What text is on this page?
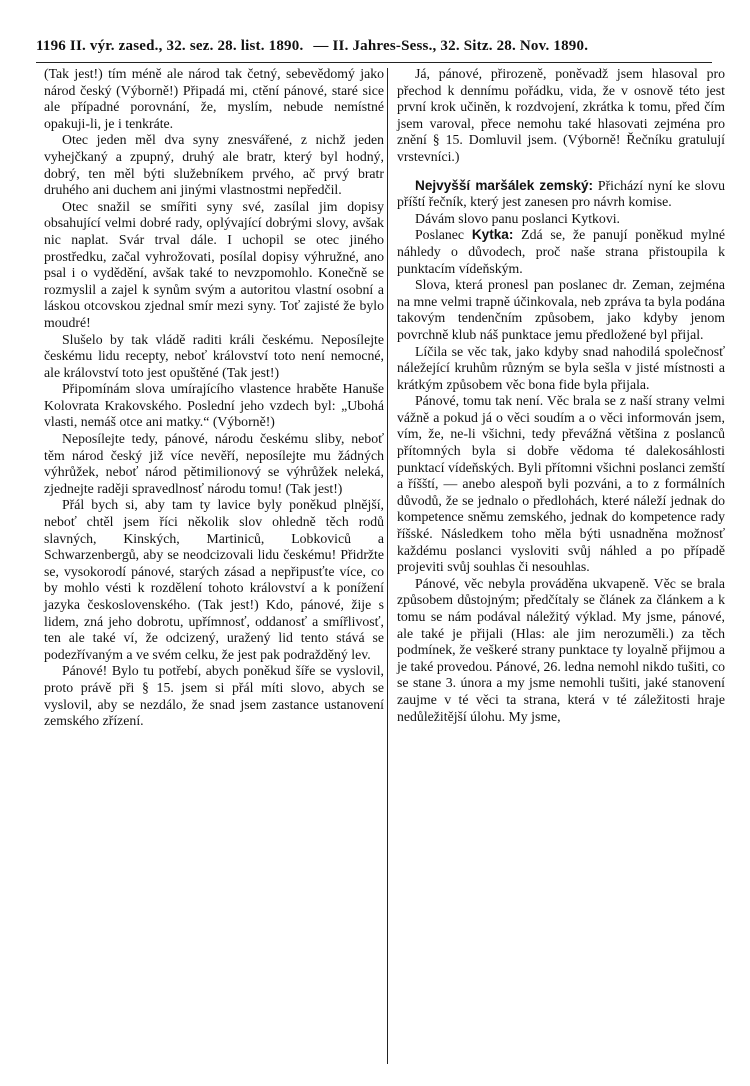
1196 II. výr. zased., 32. sez. 28. list. 1890. — II. Jahres-Sess., 32. Sitz. 28. Nov. 1890.

(Tak jest!) tím méně ale národ tak četný, sebevědomý jako národ český (Výborně!) Připadá mi, ctění pánové, staré sice ale případné porovnání, že, myslím, nebude nemístné opakuji-li, je i tenkráte.

Otec jeden měl dva syny znesvářené, z nichž jeden vyhejčkaný a zpupný, druhý ale bratr, který byl hodný, dobrý, ten měl býti služebníkem prvého, ač prvý bratr druhého ani duchem ani jinými vlastnostmi nepředčil.

Otec snažil se smířiti syny své, zasílal jim dopisy obsahující velmi dobré rady, oplývající dobrými slovy, avšak nic naplat. Svár trval dále. I uchopil se otec jiného prostředku, začal vyhrožovati, posílal dopisy výhružné, ano psal i o vydědění, avšak také to nevzpomohlo. Konečně se rozmyslil a zajel k synům svým a autoritou vlastní osobní a láskou otcovskou zjednal smír mezi syny. Toť zajisté že bylo moudré!

Slušelo by tak vládě raditi králi českému. Neposílejte českému lidu recepty, neboť království toto není nemocné, ale království toto jest opuštěné (Tak jest!)

Připomínám slova umírajícího vlastence hraběte Hanuše Kolovrata Krakovského. Poslední jeho vzdech byl: „Ubohá vlasti, nemáš otce ani matky.“ (Výborně!)

Neposílejte tedy, pánové, národu českému sliby, neboť těm národ český již více nevěří, neposílejte mu žádných výhrůžek, neboť národ pětimilionový se výhrůžek neleká, zjednejte raději spravedlnosť národu tomu! (Tak jest!)

Přál bych si, aby tam ty lavice byly poněkud plnější, neboť chtěl jsem říci několik slov ohledně těch rodů slavných, Kinských, Martiniců, Lobkoviců a Schwarzenbergů, aby se neodcizovali lidu českému! Přidržte se, vysokorodí pánové, starých zásad a nepřipusťte více, co by mohlo vésti k rozdělení tohoto království a k ponížení jazyka československého. (Tak jest!) Kdo, pánové, žije s lidem, zná jeho dobrotu, upřímnosť, oddanosť a smířlivosť, ten ale také ví, že odcizený, uražený lid tento stává se podezřívaným a ve svém celku, že jest pak podražděný lev.

Pánové! Bylo tu potřebí, abych poněkud šíře se vyslovil, proto právě při § 15. jsem si přál míti slovo, abych se vyslovil, aby se nezdálo, že snad jsem zastance ustanovení zemského zřízení.

Já, pánové, přirozeně, poněvadž jsem hlasoval pro přechod k dennímu pořádku, vida, že v osnově této jest první krok učiněn, k rozdvojení, zkrátka k tomu, před čím jsem varoval, přece nemohu také hlasovati zejména pro znění § 15. Domluvil jsem. (Výborně! Řečníku gratulují vrstevníci.)

Nejvyšší maršálek zemský: Přichází nyní ke slovu příští řečník, který jest zanesen pro návrh komise.

Dávám slovo panu poslanci Kytkovi.

Poslanec Kytka: Zdá se, že panují poněkud mylné náhledy o důvodech, proč naše strana přistoupila k punktacím vídeňským.

Slova, která pronesl pan poslanec dr. Zeman, zejména na mne velmi trapně účinkovala, neb zpráva ta byla podána takovým tendenčním způsobem, jako kdyby jenom povrchně klub náš punktace jemu předložené byl přijal.

Líčila se věc tak, jako kdyby snad nahodilá společnosť náležející kruhům různým se byla sešla v jisté místnosti a krátkým způsobem věc bona fide byla přijala.

Pánové, tomu tak není. Věc brala se z naší strany velmi vážně a pokud já o věci soudím a o věci informován jsem, vím, že, ne-li všichni, tedy převážná většina z poslanců přítomných byla si dobře vědoma té dalekosáhlosti punktací vídeňských. Byli přítomni všichni poslanci zemští a říšští, — anebo alespoň byli pozváni, a to z formálních důvodů, že se jednalo o předlohách, které náleží jednak do kompetence sněmu zemského, jednak do kompetence rady říšské. Následkem toho měla býti usnadněna možnosť každému poslanci vysloviti svůj náhled a po případě projeviti svůj souhlas či nesouhlas.

Pánové, věc nebyla prováděna ukvapeně. Věc se brala způsobem důstojným; předčítaly se článek za článkem a k tomu se nám podával náležitý výklad. My jsme, pánové, ale také je přijali (Hlas: ale jim nerozuměli.) za těch podmínek, že veškeré strany punktace ty loyalně přijmou a je také provedou. Pánové, 26. ledna nemohl nikdo tušiti, co se stane 3. února a my jsme nemohli tušiti, jaké stanovení zaujme v té věci ta strana, která v té záležitosti hraje nedůležitější úlohu. My jsme,
